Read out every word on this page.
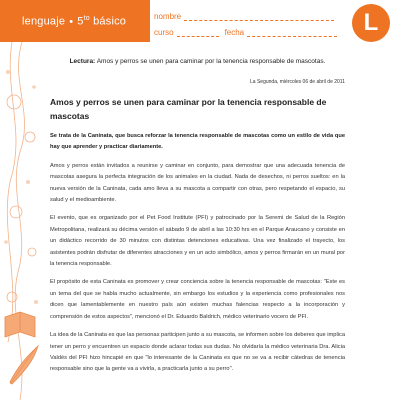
lenguaje • $5^{to}$ básico	nombre
curso	fecha	L
Lectura: Amos y perros se unen para caminar por la tenencia responsable de mascotas.
La Segunda, miércoles 06 de abril de 2011
Amos y perros se unen para caminar por la tenencia responsable de mascotas

Se trata de la Caninata, que busca reforzar la tenencia responsable de mascotas como un estilo de vida que hay que aprender y practicar diariamente.

Amos y perros están invitados a reunirse y caminar en conjunto, para demostrar que una adecuada tenencia de mascotas asegura la perfecta integración de los animales en la ciudad. Nada de desechos, ni perros sueltos: en la nueva versión de la Caninata, cada amo lleva a su mascota a compartir con otras, pero respetando el espacio, su salud y el medioambiente.

El evento, que es organizado por el Pet Food Institute (PFI) y patrocinado por la Seremi de Salud de la Región Metropolitana, realizará su décima versión el sábado 9 de abril a las 10:30 hrs en el Parque Araucano y consiste en un didáctico recorrido de 30 minutos con distintas detenciones educativas. Una vez finalizado el trayecto, los asistentes podrán disfrutar de diferentes atracciones y en un acto simbólico, amos y perros firmarán en un mural por la tenencia responsable.

El propósito de esta Caninata es promover y crear conciencia sobre la tenencia responsable de mascotas: "Este es un tema del que se habla mucho actualmente, sin embargo los estudios y la experiencia como profesionales nos dicen que lamentablemente en nuestro país aún existen muchas falencias respecto a la incorporación y comprensión de estos aspectos", mencionó el Dr. Eduardo Baldrich, médico veterinario vocero de PFI.

La idea de la Caninata es que las personas participen junto a su mascota, se informen sobre los deberes que implica tener un perro y encuentren un espacio donde aclarar todas sus dudas. No olvidaría la médico veterinaria Dra. Alicia Valdés del PFI hizo hincapié en que "lo interesante de la Caninata es que no se va a recibir cátedras de tenencia responsable sino que la gente va a vivirla, a practicarla junto a su perro".
